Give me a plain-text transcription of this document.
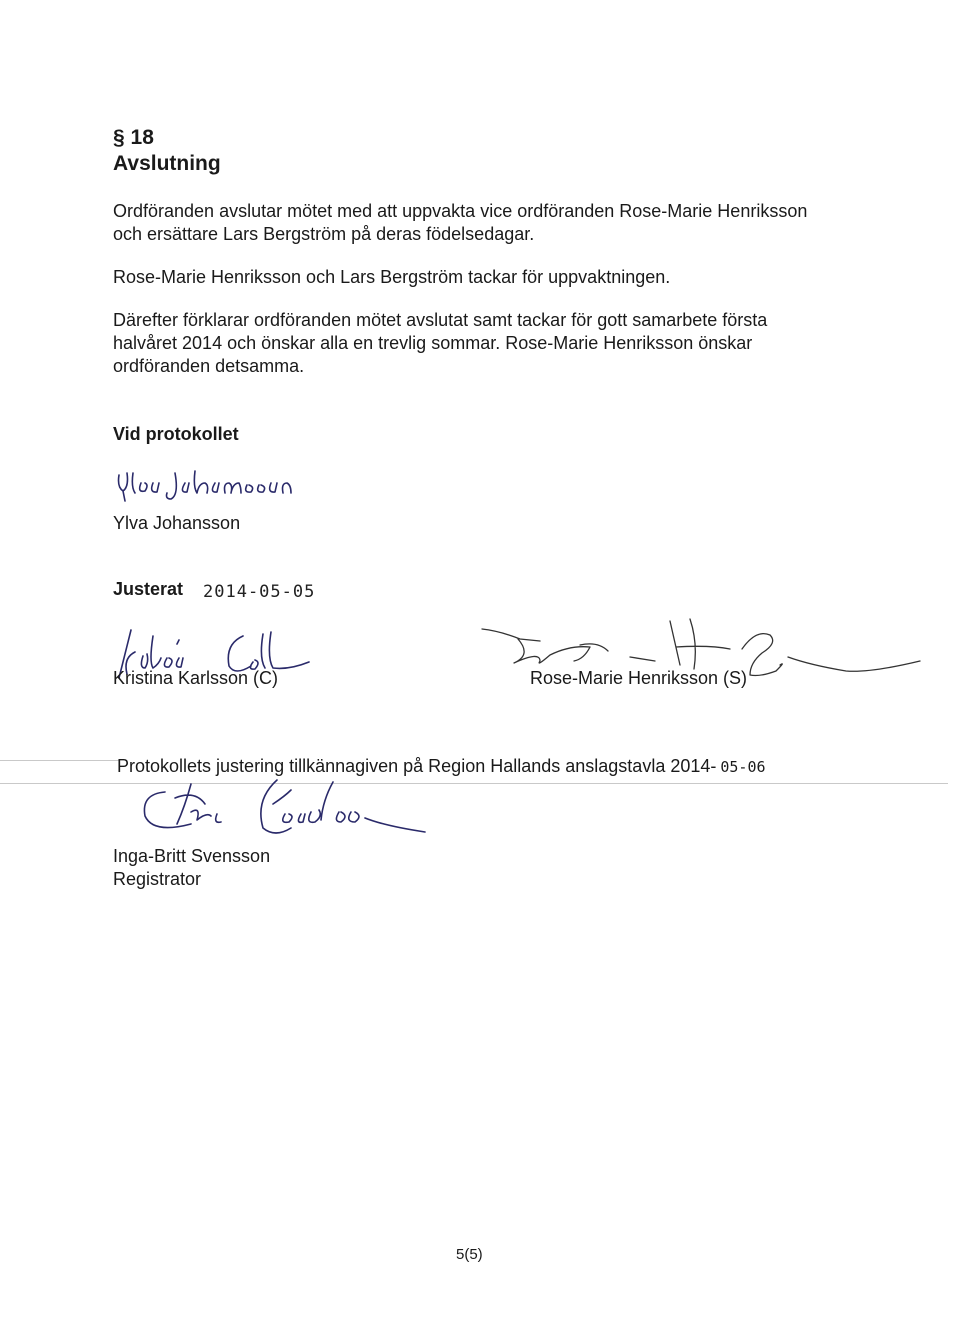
§ 18
Avslutning
Ordföranden avslutar mötet med att uppvakta vice ordföranden Rose-Marie Henriksson och ersättare Lars Bergström på deras födelsedagar.
Rose-Marie Henriksson och Lars Bergström tackar för uppvaktningen.
Därefter förklarar ordföranden mötet avslutat samt tackar för gott samarbete första halvåret 2014 och önskar alla en trevlig sommar. Rose-Marie Henriksson önskar ordföranden detsamma.
Vid protokollet
Ylva Johansson
Justerat 2014-05-05
Kristina Karlsson (C)	Rose-Marie Henriksson (S)
Protokollets justering tillkännagiven på Region Hallands anslagstavla 2014- 05-06
Inga-Britt Svensson
Registrator
5(5)
